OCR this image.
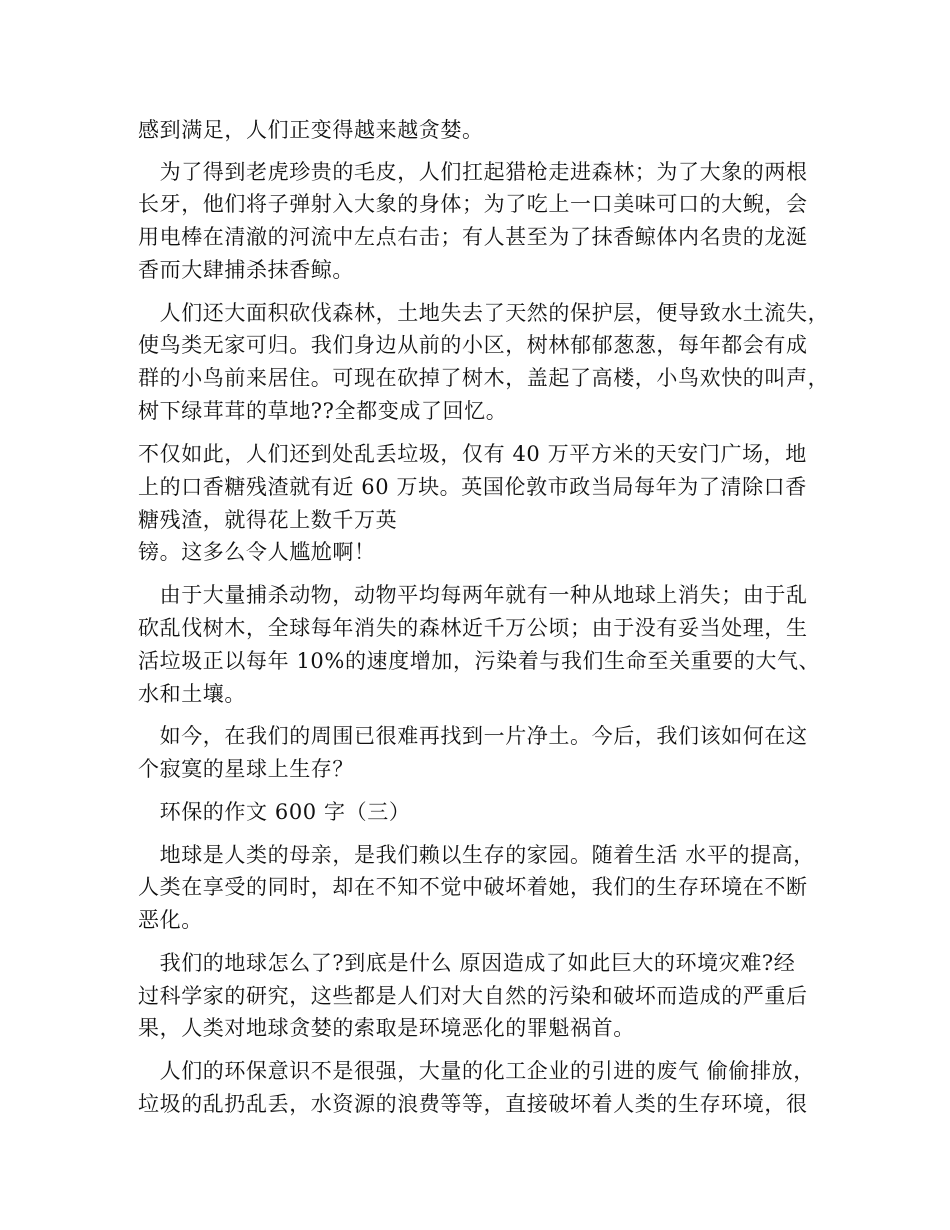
感到满足，人们正变得越来越贪婪。
　为了得到老虎珍贵的毛皮，人们扛起猎枪走进森林；为了大象的两根
长牙，他们将子弹射入大象的身体；为了吃上一口美味可口的大鲵，会
用电棒在清澈的河流中左点右击；有人甚至为了抹香鲸体内名贵的龙涎
香而大肆捕杀抹香鲸。
　人们还大面积砍伐森林，土地失去了天然的保护层，便导致水土流失，
使鸟类无家可归。我们身边从前的小区，树林郁郁葱葱，每年都会有成
群的小鸟前来居住。可现在砍掉了树木，盖起了高楼，小鸟欢快的叫声，
树下绿茸茸的草地??全都变成了回忆。
不仅如此，人们还到处乱丢垃圾，仅有 40 万平方米的天安门广场，地
上的口香糖残渣就有近 60 万块。英国伦敦市政当局每年为了清除口香
糖残渣，就得花上数千万英
镑。这多么令人尴尬啊！
　由于大量捕杀动物，动物平均每两年就有一种从地球上消失；由于乱
砍乱伐树木，全球每年消失的森林近千万公顷；由于没有妥当处理，生
活垃圾正以每年 10%的速度增加，污染着与我们生命至关重要的大气、
水和土壤。
　如今，在我们的周围已很难再找到一片净土。今后，我们该如何在这
个寂寞的星球上生存？
　环保的作文 600 字（三）
　地球是人类的母亲，是我们赖以生存的家园。随着生活 水平的提高，
人类在享受的同时，却在不知不觉中破坏着她，我们的生存环境在不断
恶化。
　我们的地球怎么了?到底是什么 原因造成了如此巨大的环境灾难?经
过科学家的研究，这些都是人们对大自然的污染和破坏而造成的严重后
果，人类对地球贪婪的索取是环境恶化的罪魁祸首。
　人们的环保意识不是很强，大量的化工企业的引进的废气 偷偷排放，
垃圾的乱扔乱丢，水资源的浪费等等，直接破坏着人类的生存环境，很
